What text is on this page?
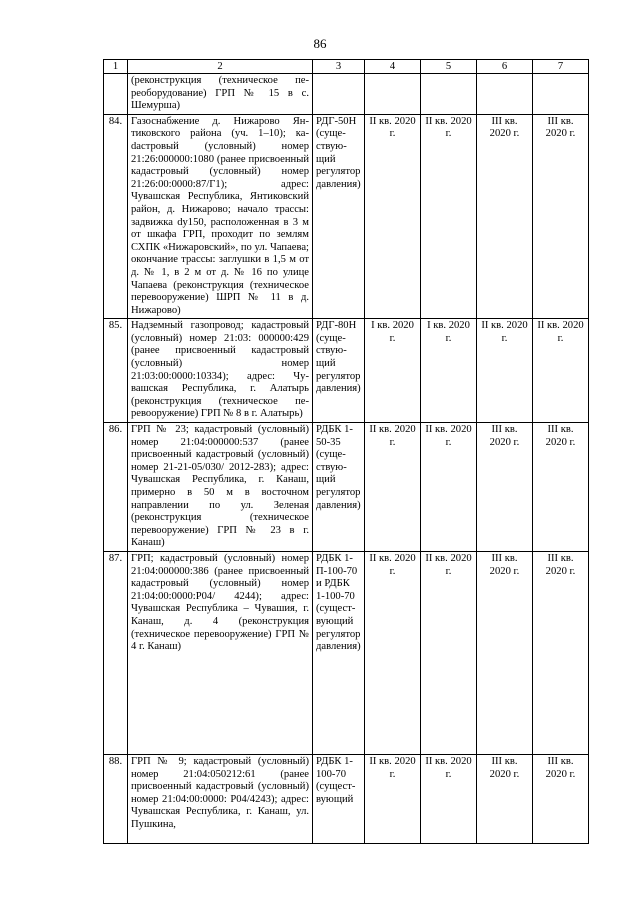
86
1	2	3	4	5	6	7
	(реконструкция (техническое переоборудование) ГРП № 15 в с. Шемурша)					
84.	Газоснабжение д. Нижарово Янтиковского района (уч. 1–10); каdастровый (условный) номер 21:26:000000:1080 (ранее присвоенный кадастровый (условный) номер 21:26:00:0000:87/Г1); адрес: Чувашская Республика, Янтиковский район, д. Нижарово; начало трассы: задвижка dy150, расположенная в 3 м от шкафа ГРП, проходит по землям СХПК «Нижаровский», по ул. Чапаева; окончание трассы: заглушки в 1,5 м от д. № 1, в 2 м от д. № 16 по улице Чапаева (реконструкция (техническое перевооружение) ШРП № 11 в д. Нижарово)	РДГ-50Н (существующий регулятор давления)	II кв. 2020 г.	II кв. 2020 г.	III кв. 2020 г.	III кв. 2020 г.
85.	Надземный газопровод; кадастровый (условный) номер 21:03: 000000:429 (ранее присвоенный кадастровый (условный) номер 21:03:00:0000:10334); адрес: Чувашская Республика, г. Алатырь (реконструкция (техническое перевооружение) ГРП № 8 в г. Алатырь)	РДГ-80Н (существующий регулятор давления)	I кв. 2020 г.	I кв. 2020 г.	II кв. 2020 г.	II кв. 2020 г.
86.	ГРП № 23; кадастровый (условный) номер 21:04:000000:537 (ранее присвоенный кадастровый (условный) номер 21-21-05/030/ 2012-283); адрес: Чувашская Республика, г. Канаш, примерно в 50 м в восточном направлении по ул. Зеленая (реконструкция (техническое перевооружение) ГРП № 23 в г. Канаш)	РДБК 1-50-35 (существующий регулятор давления)	II кв. 2020 г.	II кв. 2020 г.	III кв. 2020 г.	III кв. 2020 г.
87.	ГРП; кадастровый (условный) номер 21:04:000000:386 (ранее присвоенный кадастровый (условный) номер 21:04:00:0000:Р04/ 4244); адрес: Чувашская Республика – Чувашия, г. Канаш, д. 4 (реконструкция (техническое перевооружение) ГРП № 4 г. Канаш)	РДБК 1-П-100-70 и РДБК 1-100-70 (существующий регулятор давления)	II кв. 2020 г.	II кв. 2020 г.	III кв. 2020 г.	III кв. 2020 г.
88.	ГРП № 9; кадастровый (условный) номер 21:04:050212:61 (ранее присвоенный кадастровый (условный) номер 21:04:00:0000: Р04/4243); адрес: Чувашская Республика, г. Канаш, ул. Пушкина,	РДБК 1-100-70 (существующий	II кв. 2020 г.	II кв. 2020 г.	III кв. 2020 г.	III кв. 2020 г.
